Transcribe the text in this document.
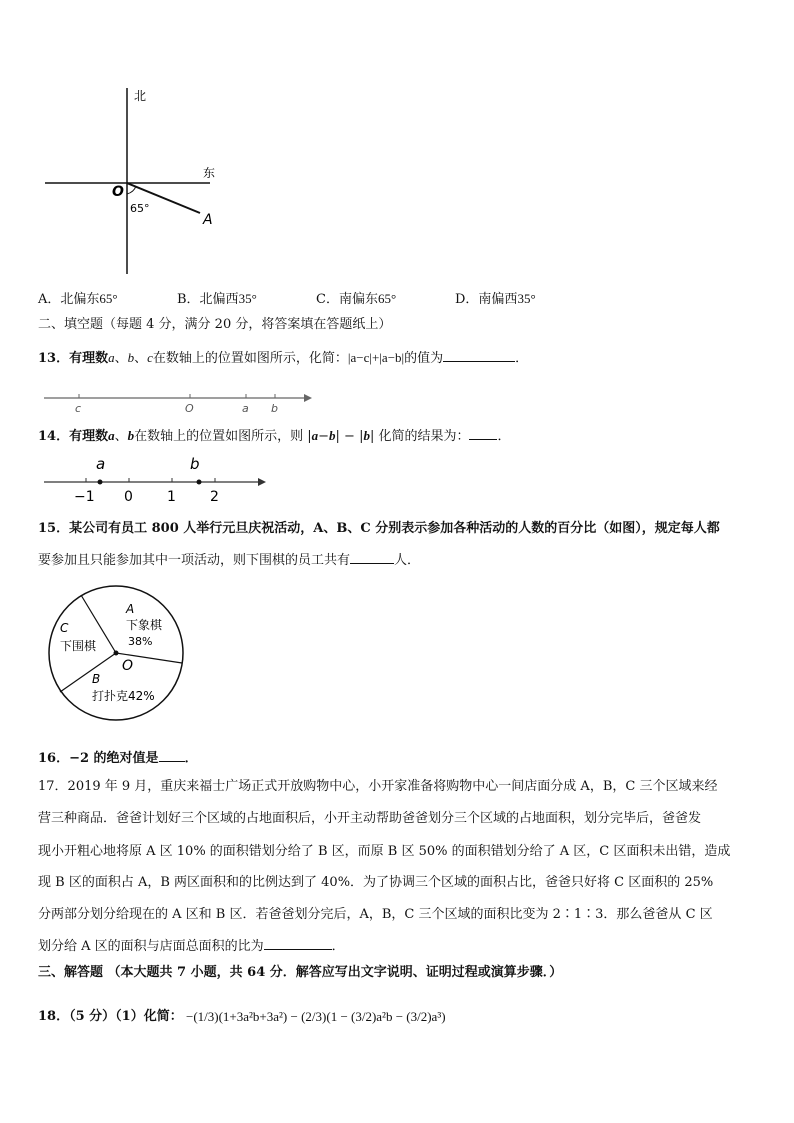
北
东
O
65°
A
A．北偏东65°	B．北偏西35°	C．南偏东65°	D．南偏西35°
二、填空题（每题 4 分，满分 20 分，将答案填在答题纸上）
13．有理数a、b、c在数轴上的位置如图所示，化简：|a−c|+|a−b|的值为	．
c	O	a b
14．有理数a、b在数轴上的位置如图所示，则 |a−b| − |b| 化简的结果为： ．
a	b
−1 0 1 2
15．某公司有员工 800 人举行元旦庆祝活动，A、B、C 分别表示参加各种活动的人数的百分比（如图），规定每人都
要参加且只能参加其中一项活动，则下围棋的员工共有	人．
A
下象棋
38%
C
下围棋
O
B
打扑克42%
16．−2 的绝对值是 ．
17．2019 年 9 月，重庆来福士广场正式开放购物中心，小开家准备将购物中心一间店面分成 A，B，C 三个区域来经
营三种商品．爸爸计划好三个区域的占地面积后，小开主动帮助爸爸划分三个区域的占地面积，划分完毕后，爸爸发
现小开粗心地将原 A 区 10% 的面积错划分给了 B 区，而原 B 区 50% 的面积错划分给了 A 区，C 区面积未出错，造成
现 B 区的面积占 A，B 两区面积和的比例达到了 40%．为了协调三个区域的面积占比，爸爸只好将 C 区面积的 25%
分两部分划分给现在的 A 区和 B 区．若爸爸划分完后，A，B，C 三个区域的面积比变为 2∶1∶3．那么爸爸从 C 区
划分给 A 区的面积与店面总面积的比为	．
三、解答题 （本大题共 7 小题，共 64 分．解答应写出文字说明、证明过程或演算步骤．）
18．（5 分）（1）化简： −(1/3)(1+3a²b+3a²) − (2/3)(1 − (3/2)a²b − (3/2)a³)
